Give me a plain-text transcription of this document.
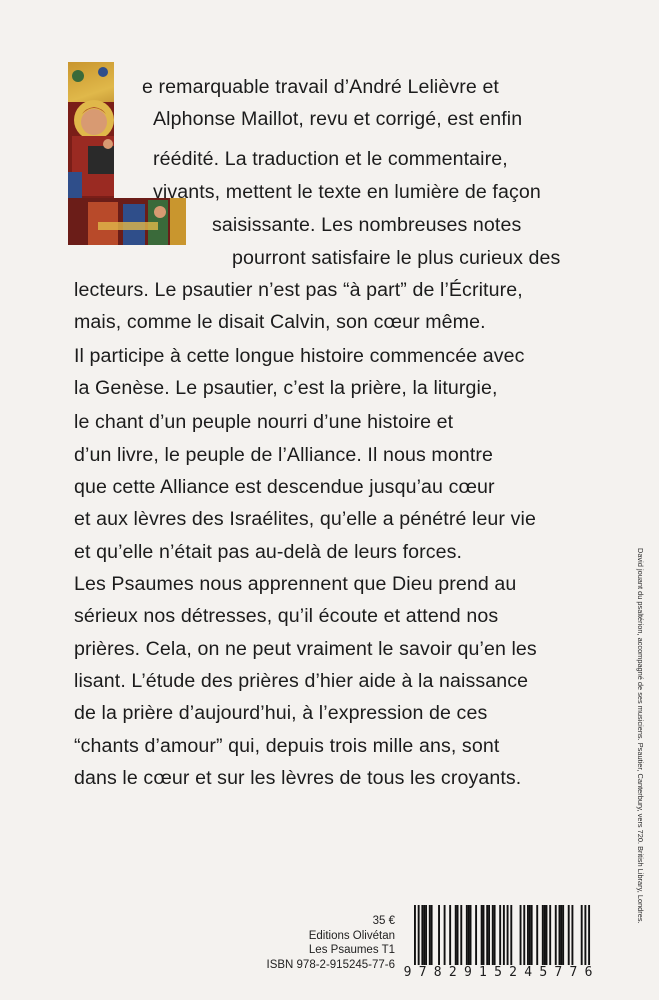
e remarquable travail d’André Lelièvre et
Alphonse Maillot, revu et corrigé, est enfin
réédité. La traduction et le commentaire,
vivants, mettent le texte en lumière de façon
saisissante. Les nombreuses notes
pourront satisfaire le plus curieux des
lecteurs. Le psautier n’est pas “à part” de l’Écriture,
mais, comme le disait Calvin, son cœur même.
Il participe à cette longue histoire commencée avec
la Genèse. Le psautier, c’est la prière, la liturgie,
le chant d’un peuple nourri d’une histoire et
d’un livre, le peuple de l’Alliance. Il nous montre
que cette Alliance est descendue jusqu’au cœur
et aux lèvres des Israélites, qu’elle a pénétré leur vie
et qu’elle n’était pas au-delà de leurs forces.
Les Psaumes nous apprennent que Dieu prend au
sérieux nos détresses, qu’il écoute et attend nos
prières. Cela, on ne peut vraiment le savoir qu’en les
lisant. L’étude des prières d’hier aide à la naissance
de la prière d’aujourd’hui, à l’expression de ces
“chants d’amour” qui, depuis trois mille ans, sont
dans le cœur et sur les lèvres de tous les croyants.	David jouant du psaltérion, accompagné de ses musiciens. Psautier, Canterbury, vers 720. British Library, Londres.
35 €
Editions Olivétan
Les Psaumes T1
ISBN 978-2-915245-77-6
9 7 8 2 9 1 5 2 4 5 7 7 6
